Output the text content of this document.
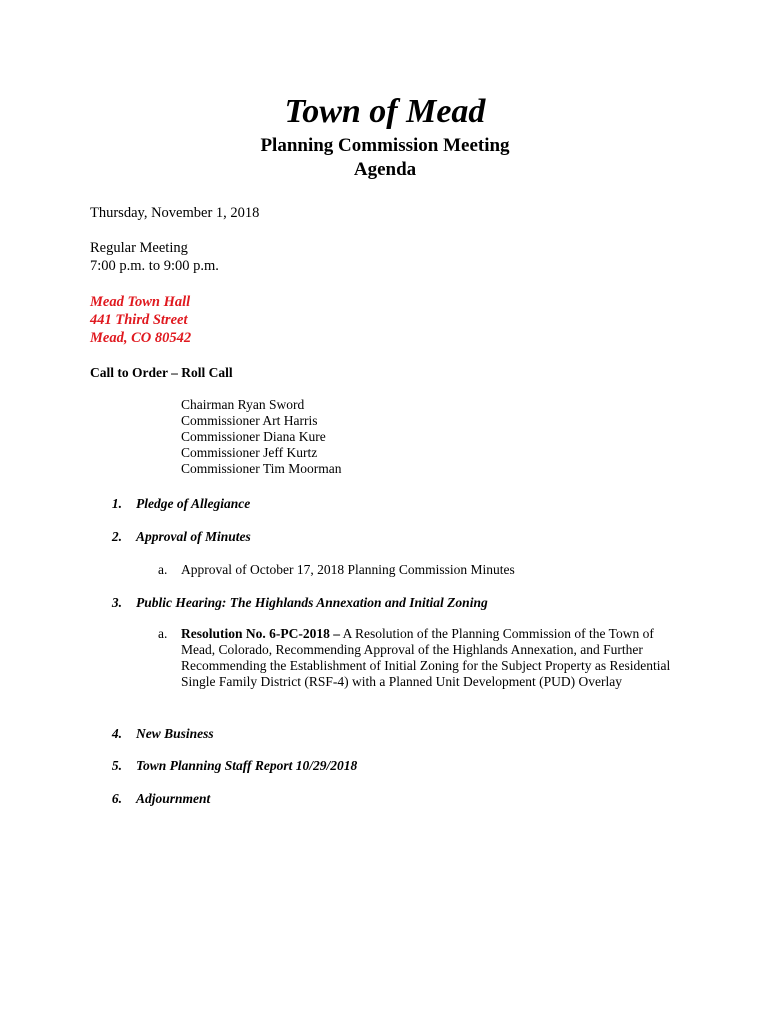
Town of Mead
Planning Commission Meeting
Agenda
Thursday, November 1, 2018
Regular Meeting
7:00 p.m. to 9:00 p.m.
Mead Town Hall
441 Third Street
Mead, CO 80542
Call to Order – Roll Call
Chairman Ryan Sword
Commissioner Art Harris
Commissioner Diana Kure
Commissioner Jeff Kurtz
Commissioner Tim Moorman
1. Pledge of Allegiance
2. Approval of Minutes
a. Approval of October 17, 2018 Planning Commission Minutes
3. Public Hearing: The Highlands Annexation and Initial Zoning
a. Resolution No. 6-PC-2018 – A Resolution of the Planning Commission of the Town of Mead, Colorado, Recommending Approval of the Highlands Annexation, and Further Recommending the Establishment of Initial Zoning for the Subject Property as Residential Single Family District (RSF-4) with a Planned Unit Development (PUD) Overlay
4. New Business
5. Town Planning Staff Report 10/29/2018
6. Adjournment
